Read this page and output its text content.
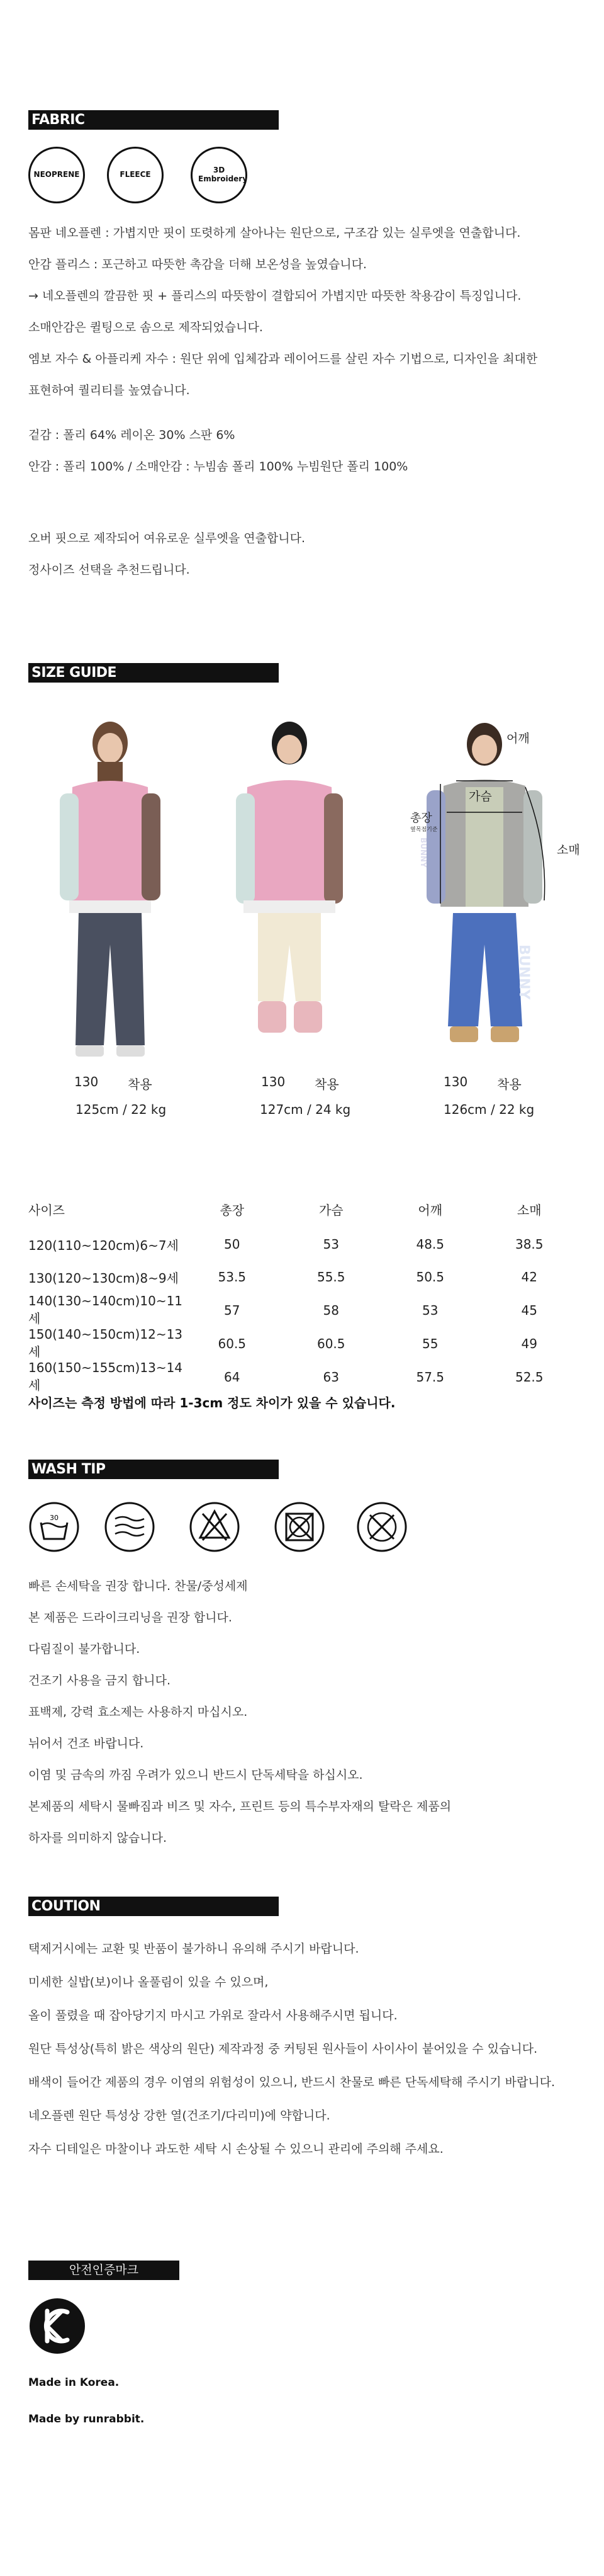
FABRIC
NEOPRENE	FLEECE	3D Embroidery
몸판 네오플렌 : 가볍지만 핏이 또렷하게 살아나는 원단으로, 구조감 있는 실루엣을 연출합니다.
안감 플리스 : 포근하고 따뜻한 촉감을 더해 보온성을 높였습니다.
→ 네오플렌의 깔끔한 핏 + 플리스의 따뜻함이 결합되어 가볍지만 따뜻한 착용감이 특징입니다.
소매안감은 퀼팅으로 솜으로 제작되었습니다.
엠보 자수 & 아플리케 자수 : 원단 위에 입체감과 레이어드를 살린 자수 기법으로, 디자인을 최대한
표현하여 퀄리티를 높였습니다.
겉감 : 폴리 64% 레이온 30% 스판 6%
안감 : 폴리 100% / 소매안감 : 누빔솜 폴리 100% 누빔원단 폴리 100%
오버 핏으로 제작되어 여유로운 실루엣을 연출합니다.
정사이즈 선택을 추천드립니다.
SIZE GUIDE
어깨
가슴
총장
옆목점기준
소매
BUNNY
BUNNY
130 착용
125cm / 22 kg
130 착용
127cm / 24 kg
130 착용
126cm / 22 kg
사이즈	총장	가슴	어깨	소매
120(110~120cm)6~7세	50	53	48.5	38.5
130(120~130cm)8~9세	53.5	55.5	50.5	42
140(130~140cm)10~11세	57	58	53	45
150(140~150cm)12~13세	60.5	60.5	55	49
160(150~155cm)13~14세	64	63	57.5	52.5
사이즈는 측정 방법에 따라 1-3cm 정도 차이가 있을 수 있습니다.
WASH TIP
30
빠른 손세탁을 권장 합니다. 찬물/중성세제
본 제품은 드라이크리닝을 권장 합니다.
다림질이 불가합니다.
건조기 사용을 금지 합니다.
표백제, 강력 효소제는 사용하지 마십시오.
뉘어서 건조 바랍니다.
이염 및 금속의 까짐 우려가 있으니 반드시 단독세탁을 하십시오.
본제품의 세탁시 물빠짐과 비즈 및 자수, 프린트 등의 특수부자재의 탈락은 제품의
하자를 의미하지 않습니다.
COUTION
택제거시에는 교환 및 반품이 불가하니 유의해 주시기 바랍니다.
미세한 실밥(보)이나 올풀림이 있을 수 있으며,
올이 풀렸을 때 잡아당기지 마시고 가위로 잘라서 사용해주시면 됩니다.
원단 특성상(특히 밝은 색상의 원단) 제작과정 중 커팅된 원사들이 사이사이 붙어있을 수 있습니다.
배색이 들어간 제품의 경우 이염의 위험성이 있으니, 반드시 찬물로 빠른 단독세탁해 주시기 바랍니다.
네오플렌 원단 특성상 강한 열(건조기/다리미)에 약합니다.
자수 디테일은 마찰이나 과도한 세탁 시 손상될 수 있으니 관리에 주의해 주세요.
안전인증마크
Made in Korea.
Made by runrabbit.
